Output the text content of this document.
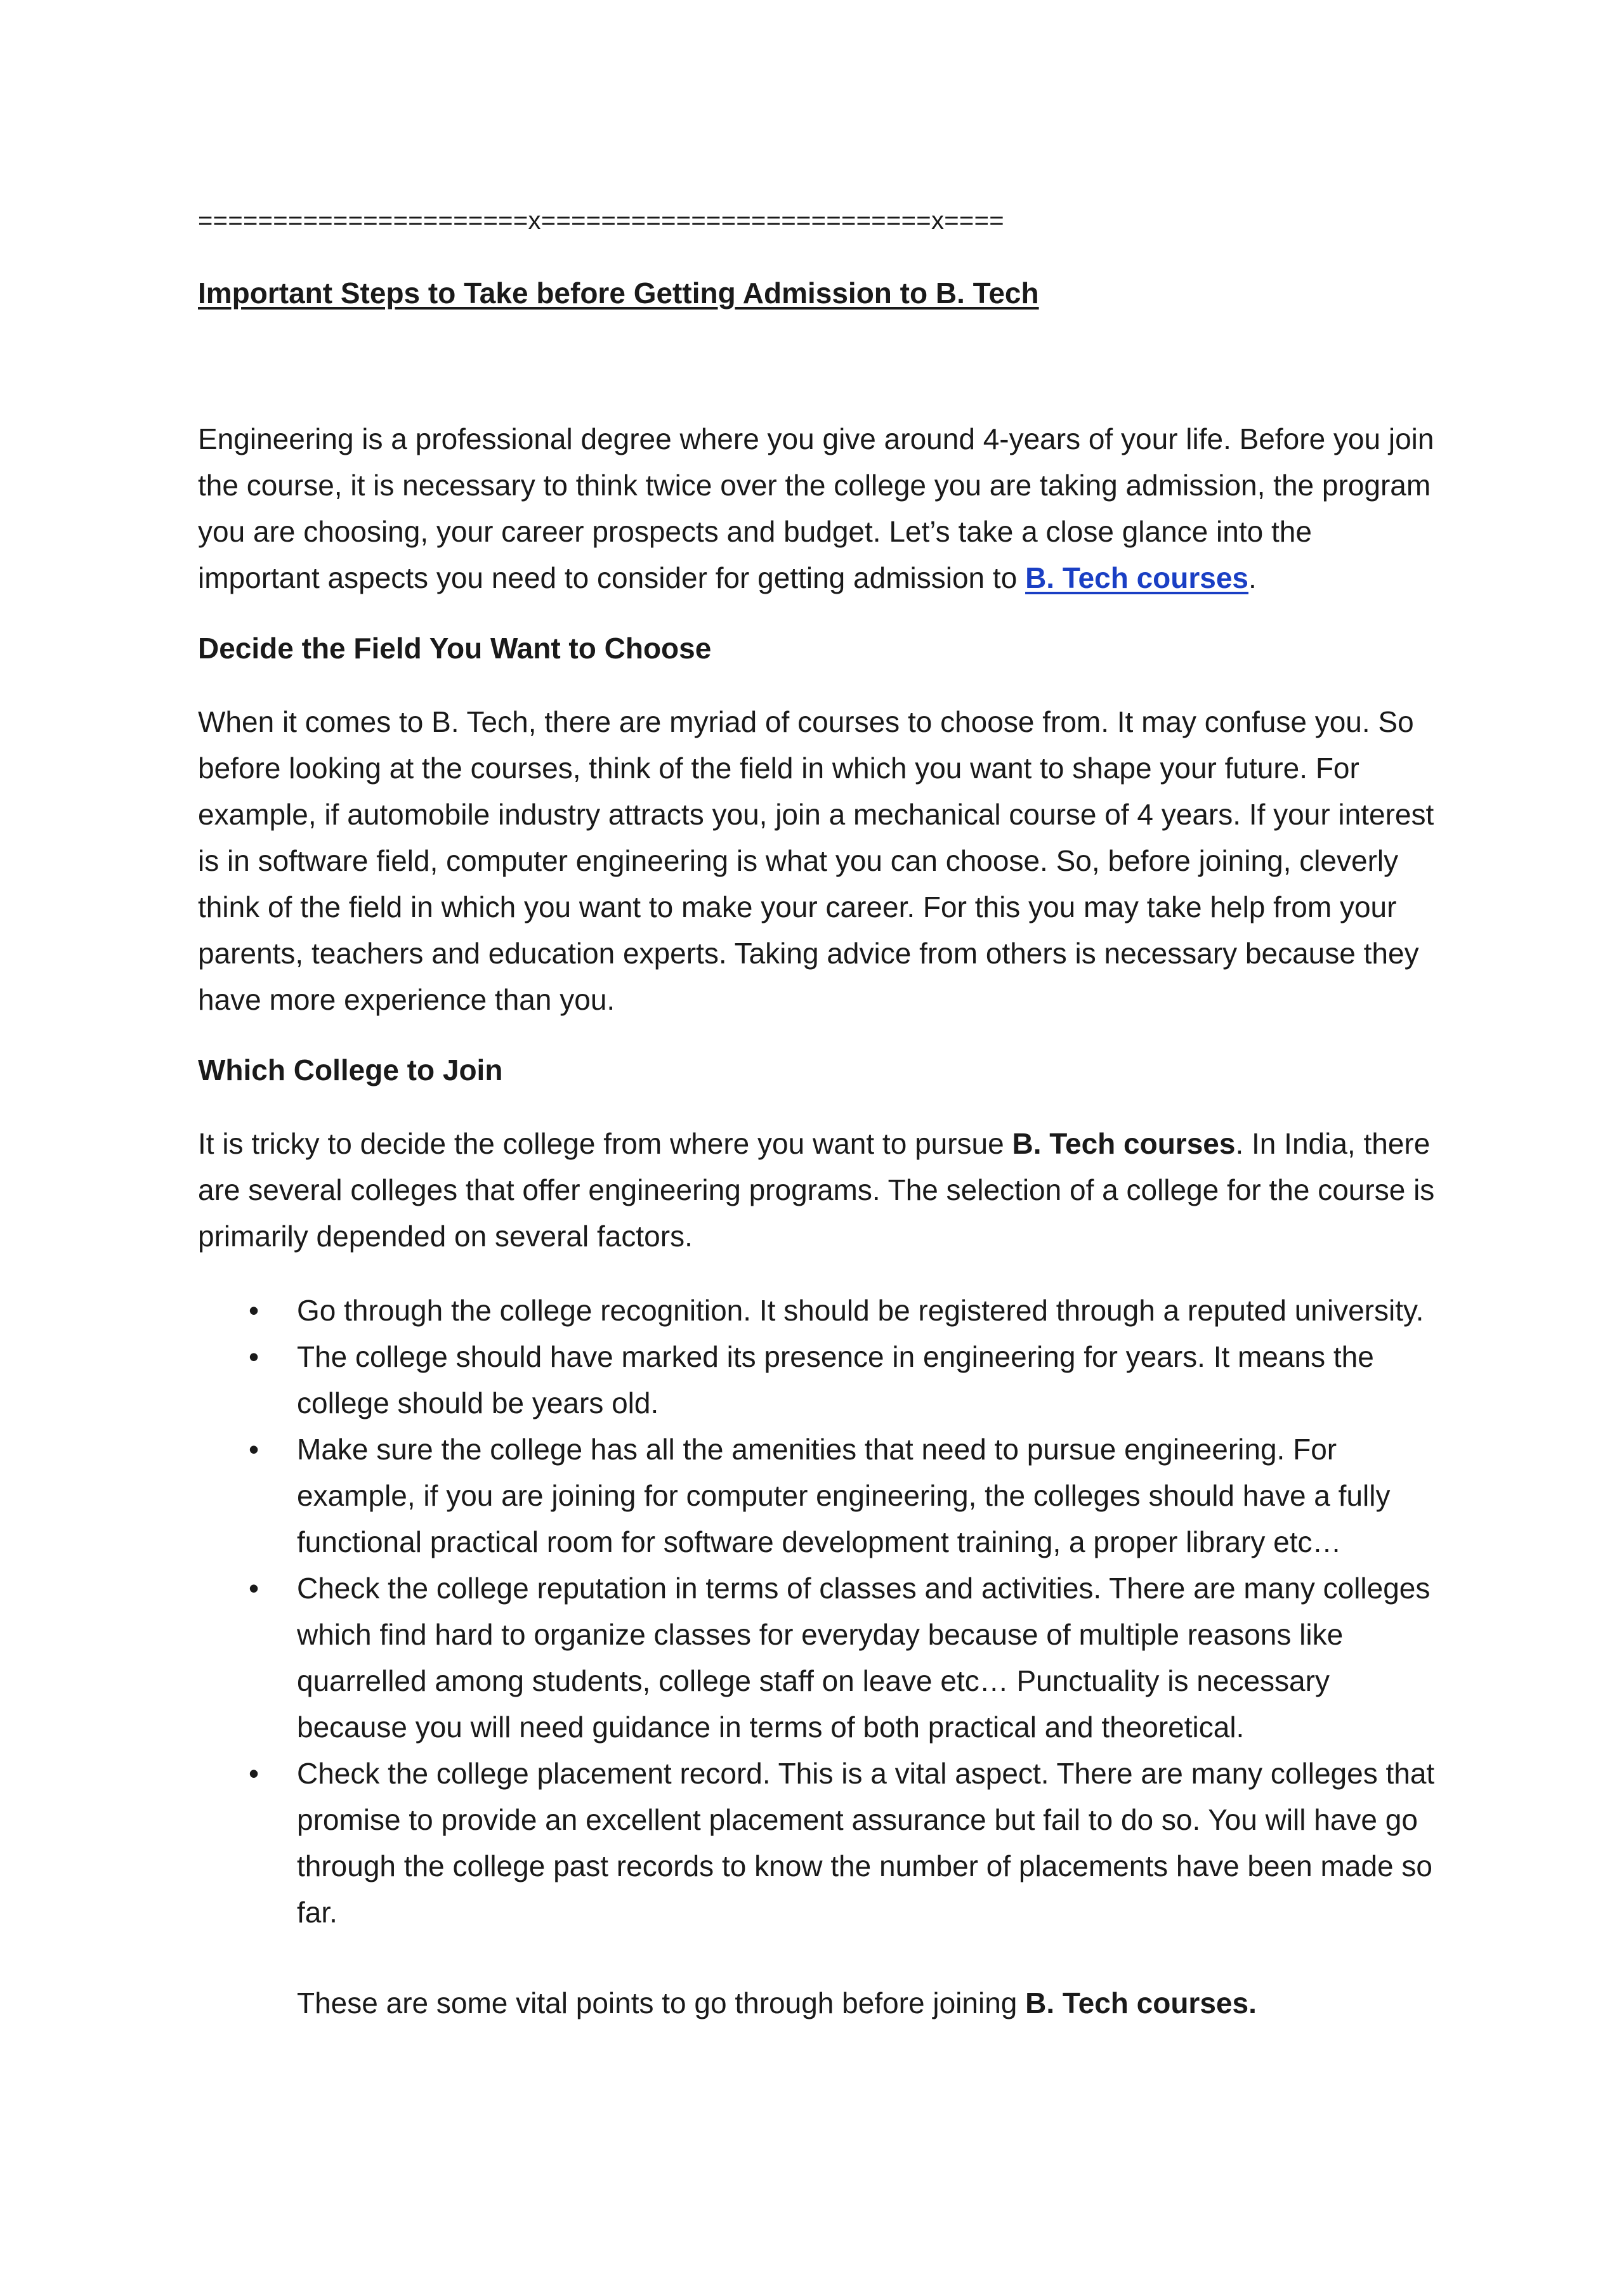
======================x==========================x====

Important Steps to Take before Getting Admission to B. Tech

Engineering is a professional degree where you give around 4-years of your life. Before you join the course, it is necessary to think twice over the college you are taking admission, the program you are choosing, your career prospects and budget. Let’s take a close glance into the important aspects you need to consider for getting admission to B. Tech courses.

Decide the Field You Want to Choose

When it comes to B. Tech, there are myriad of courses to choose from. It may confuse you. So before looking at the courses, think of the field in which you want to shape your future. For example, if automobile industry attracts you, join a mechanical course of 4 years. If your interest is in software field, computer engineering is what you can choose. So, before joining, cleverly think of the field in which you want to make your career. For this you may take help from your parents, teachers and education experts. Taking advice from others is necessary because they have more experience than you.

Which College to Join

It is tricky to decide the college from where you want to pursue B. Tech courses. In India, there are several colleges that offer engineering programs. The selection of a college for the course is primarily depended on several factors.

• Go through the college recognition. It should be registered through a reputed university.
• The college should have marked its presence in engineering for years. It means the college should be years old.
• Make sure the college has all the amenities that need to pursue engineering. For example, if you are joining for computer engineering, the colleges should have a fully functional practical room for software development training, a proper library etc…
• Check the college reputation in terms of classes and activities. There are many colleges which find hard to organize classes for everyday because of multiple reasons like quarrelled among students, college staff on leave etc… Punctuality is necessary because you will need guidance in terms of both practical and theoretical.
• Check the college placement record. This is a vital aspect. There are many colleges that promise to provide an excellent placement assurance but fail to do so. You will have go through the college past records to know the number of placements have been made so far.

These are some vital points to go through before joining B. Tech courses.
